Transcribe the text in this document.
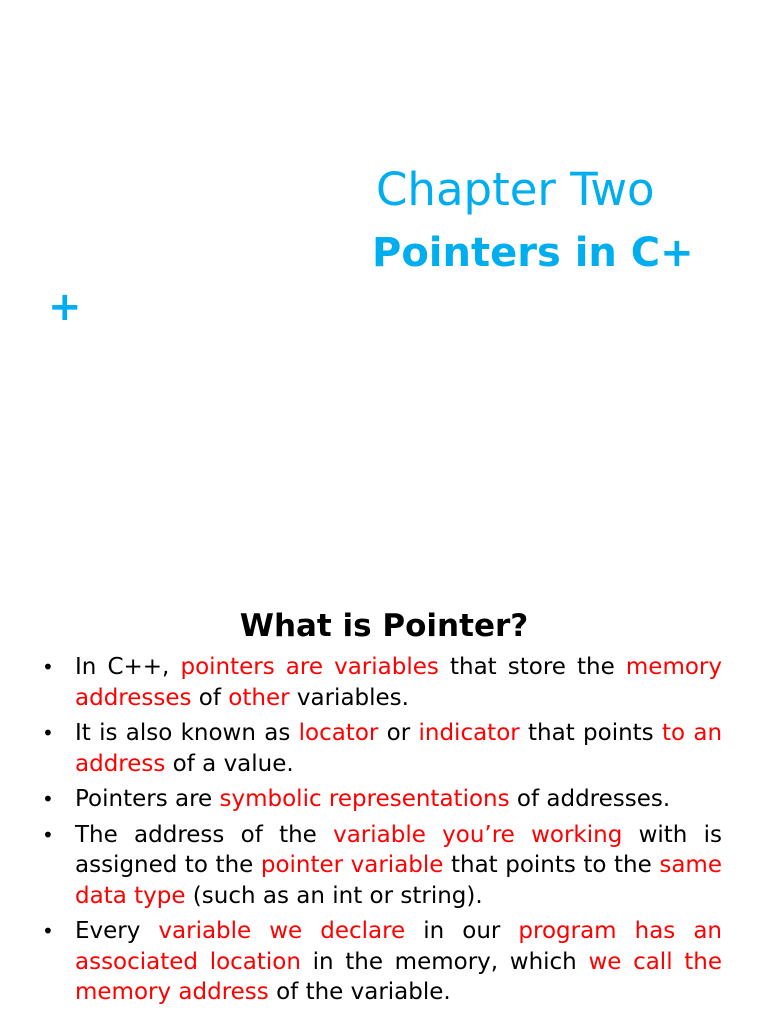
Chapter Two
Pointers in C++
What is Pointer?
• In C++, pointers are variables that store the memory addresses of other variables.
• It is also known as locator or indicator that points to an address of a value.
• Pointers are symbolic representations of addresses.
• The address of the variable you’re working with is assigned to the pointer variable that points to the same data type (such as an int or string).
• Every variable we declare in our program has an associated location in the memory, which we call the memory address of the variable.
